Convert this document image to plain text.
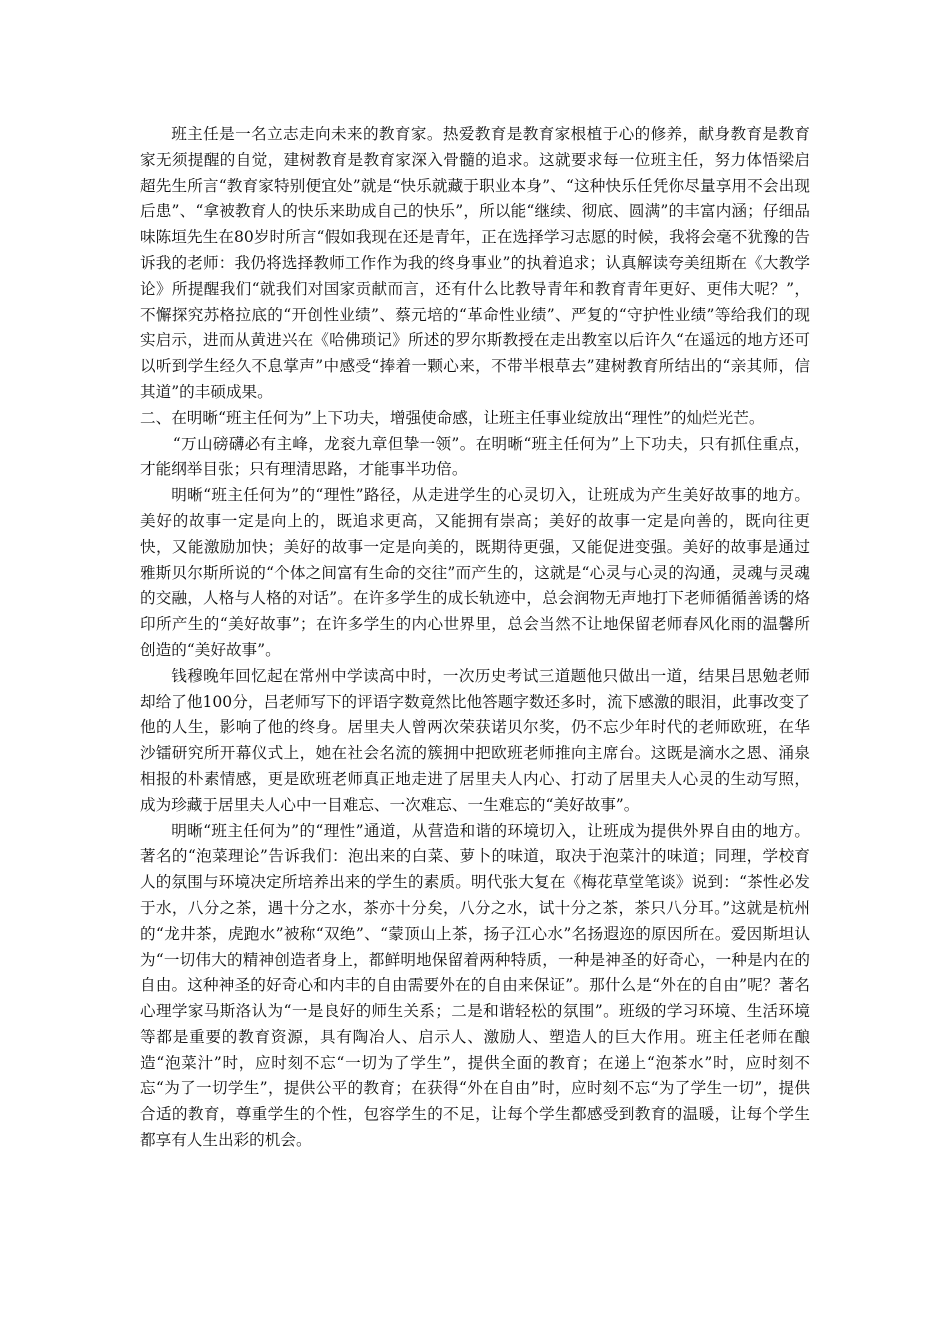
班主任是一名立志走向未来的教育家。热爱教育是教育家根植于心的修养，献身教育是教育家无须提醒的自觉，建树教育是教育家深入骨髓的追求。这就要求每一位班主任，努力体悟梁启超先生所言“教育家特别便宜处”就是“快乐就藏于职业本身”、“这种快乐任凭你尽量享用不会出现后患”、“拿被教育人的快乐来助成自己的快乐”，所以能“继续、彻底、圆满”的丰富内涵；仔细品味陈垣先生在80岁时所言“假如我现在还是青年，正在选择学习志愿的时候，我将会毫不犹豫的告诉我的老师：我仍将选择教师工作作为我的终身事业”的执着追求；认真解读夸美纽斯在《大教学论》所提醒我们“就我们对国家贡献而言，还有什么比教导青年和教育青年更好、更伟大呢？”，不懈探究苏格拉底的“开创性业绩”、蔡元培的“革命性业绩”、严复的“守护性业绩”等给我们的现实启示，进而从黄进兴在《哈佛琐记》所述的罗尔斯教授在走出教室以后许久“在遥远的地方还可以听到学生经久不息掌声”中感受“捧着一颗心来，不带半根草去”建树教育所结出的“亲其师，信其道”的丰硕成果。

二、在明晰“班主任何为”上下功夫，增强使命感，让班主任事业绽放出“理性”的灿烂光芒。

“万山磅礴必有主峰，龙衮九章但挚一领”。在明晰“班主任何为”上下功夫，只有抓住重点，才能纲举目张；只有理清思路，才能事半功倍。

明晰“班主任何为”的“理性”路径，从走进学生的心灵切入，让班成为产生美好故事的地方。美好的故事一定是向上的，既追求更高，又能拥有崇高；美好的故事一定是向善的，既向往更快，又能激励加快；美好的故事一定是向美的，既期待更强，又能促进变强。美好的故事是通过雅斯贝尔斯所说的“个体之间富有生命的交往”而产生的，这就是“心灵与心灵的沟通，灵魂与灵魂的交融，人格与人格的对话”。在许多学生的成长轨迹中，总会润物无声地打下老师循循善诱的烙印所产生的“美好故事”；在许多学生的内心世界里，总会当然不让地保留老师春风化雨的温馨所创造的“美好故事”。

钱穆晚年回忆起在常州中学读高中时，一次历史考试三道题他只做出一道，结果吕思勉老师却给了他100分，吕老师写下的评语字数竟然比他答题字数还多时，流下感激的眼泪，此事改变了他的人生，影响了他的终身。居里夫人曾两次荣获诺贝尔奖，仍不忘少年时代的老师欧班，在华沙镭研究所开幕仪式上，她在社会名流的簇拥中把欧班老师推向主席台。这既是滴水之恩、涌泉相报的朴素情感，更是欧班老师真正地走进了居里夫人内心、打动了居里夫人心灵的生动写照，成为珍藏于居里夫人心中一目难忘、一次难忘、一生难忘的“美好故事”。

明晰“班主任何为”的“理性”通道，从营造和谐的环境切入，让班成为提供外界自由的地方。著名的“泡菜理论”告诉我们：泡出来的白菜、萝卜的味道，取决于泡菜汁的味道；同理，学校育人的氛围与环境决定所培养出来的学生的素质。明代张大复在《梅花草堂笔谈》说到：“茶性必发于水，八分之茶，遇十分之水，茶亦十分矣，八分之水，试十分之茶，茶只八分耳。”这就是杭州的“龙井茶，虎跑水”被称“双绝”、“蒙顶山上茶，扬子江心水”名扬遐迩的原因所在。爱因斯坦认为“一切伟大的精神创造者身上，都鲜明地保留着两种特质，一种是神圣的好奇心，一种是内在的自由。这种神圣的好奇心和内丰的自由需要外在的自由来保证”。那什么是“外在的自由”呢？著名心理学家马斯洛认为“一是良好的师生关系；二是和谐轻松的氛围”。班级的学习环境、生活环境等都是重要的教育资源，具有陶冶人、启示人、激励人、塑造人的巨大作用。班主任老师在酿造“泡菜汁”时，应时刻不忘“一切为了学生”，提供全面的教育；在递上“泡茶水”时，应时刻不忘“为了一切学生”，提供公平的教育；在获得“外在自由”时，应时刻不忘“为了学生一切”，提供合适的教育，尊重学生的个性，包容学生的不足，让每个学生都感受到教育的温暖，让每个学生都享有人生出彩的机会。
